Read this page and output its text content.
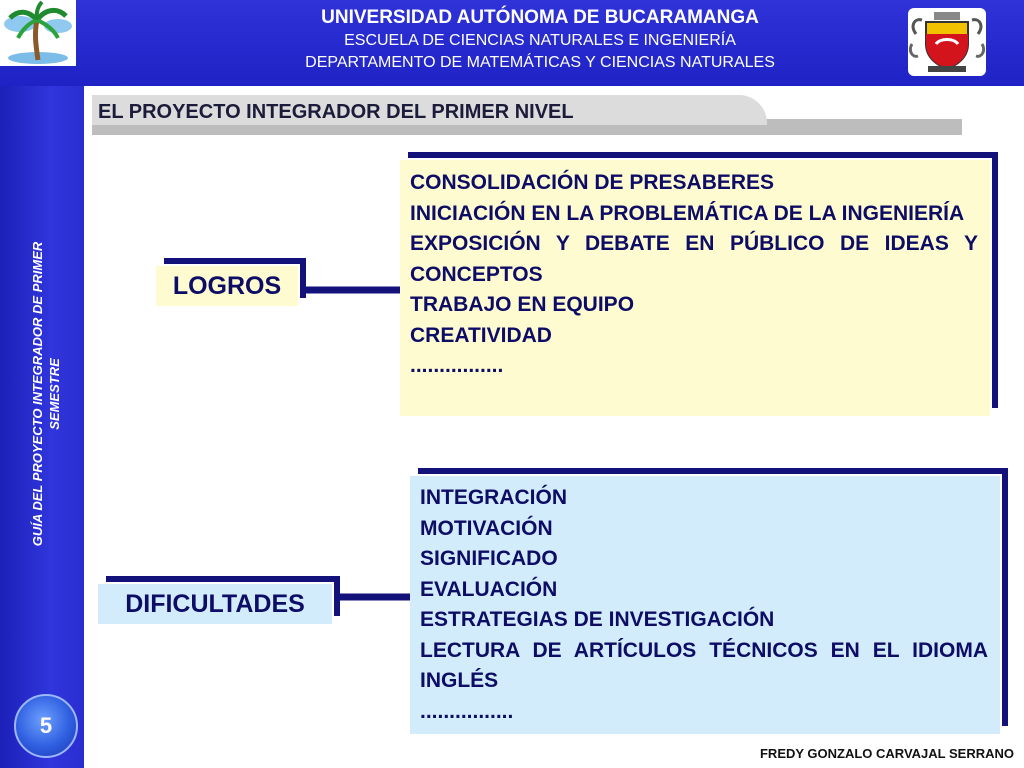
UNIVERSIDAD AUTÓNOMA DE BUCARAMANGA
ESCUELA DE CIENCIAS NATURALES E INGENIERÍA
DEPARTAMENTO DE MATEMÁTICAS Y CIENCIAS NATURALES
EL PROYECTO INTEGRADOR DEL PRIMER NIVEL
GUÍA DEL PROYECTO INTEGRADOR DE PRIMER SEMESTRE
5
LOGROS
DIFICULTADES
CONSOLIDACIÓN DE PRESABERES
INICIACIÓN EN LA PROBLEMÁTICA DE LA INGENIERÍA
EXPOSICIÓN Y DEBATE EN PÚBLICO DE IDEAS Y CONCEPTOS
TRABAJO EN EQUIPO
CREATIVIDAD
................
INTEGRACIÓN
MOTIVACIÓN
SIGNIFICADO
EVALUACIÓN
ESTRATEGIAS DE INVESTIGACIÓN
LECTURA DE ARTÍCULOS TÉCNICOS EN EL IDIOMA INGLÉS
................
FREDY GONZALO CARVAJAL SERRANO
